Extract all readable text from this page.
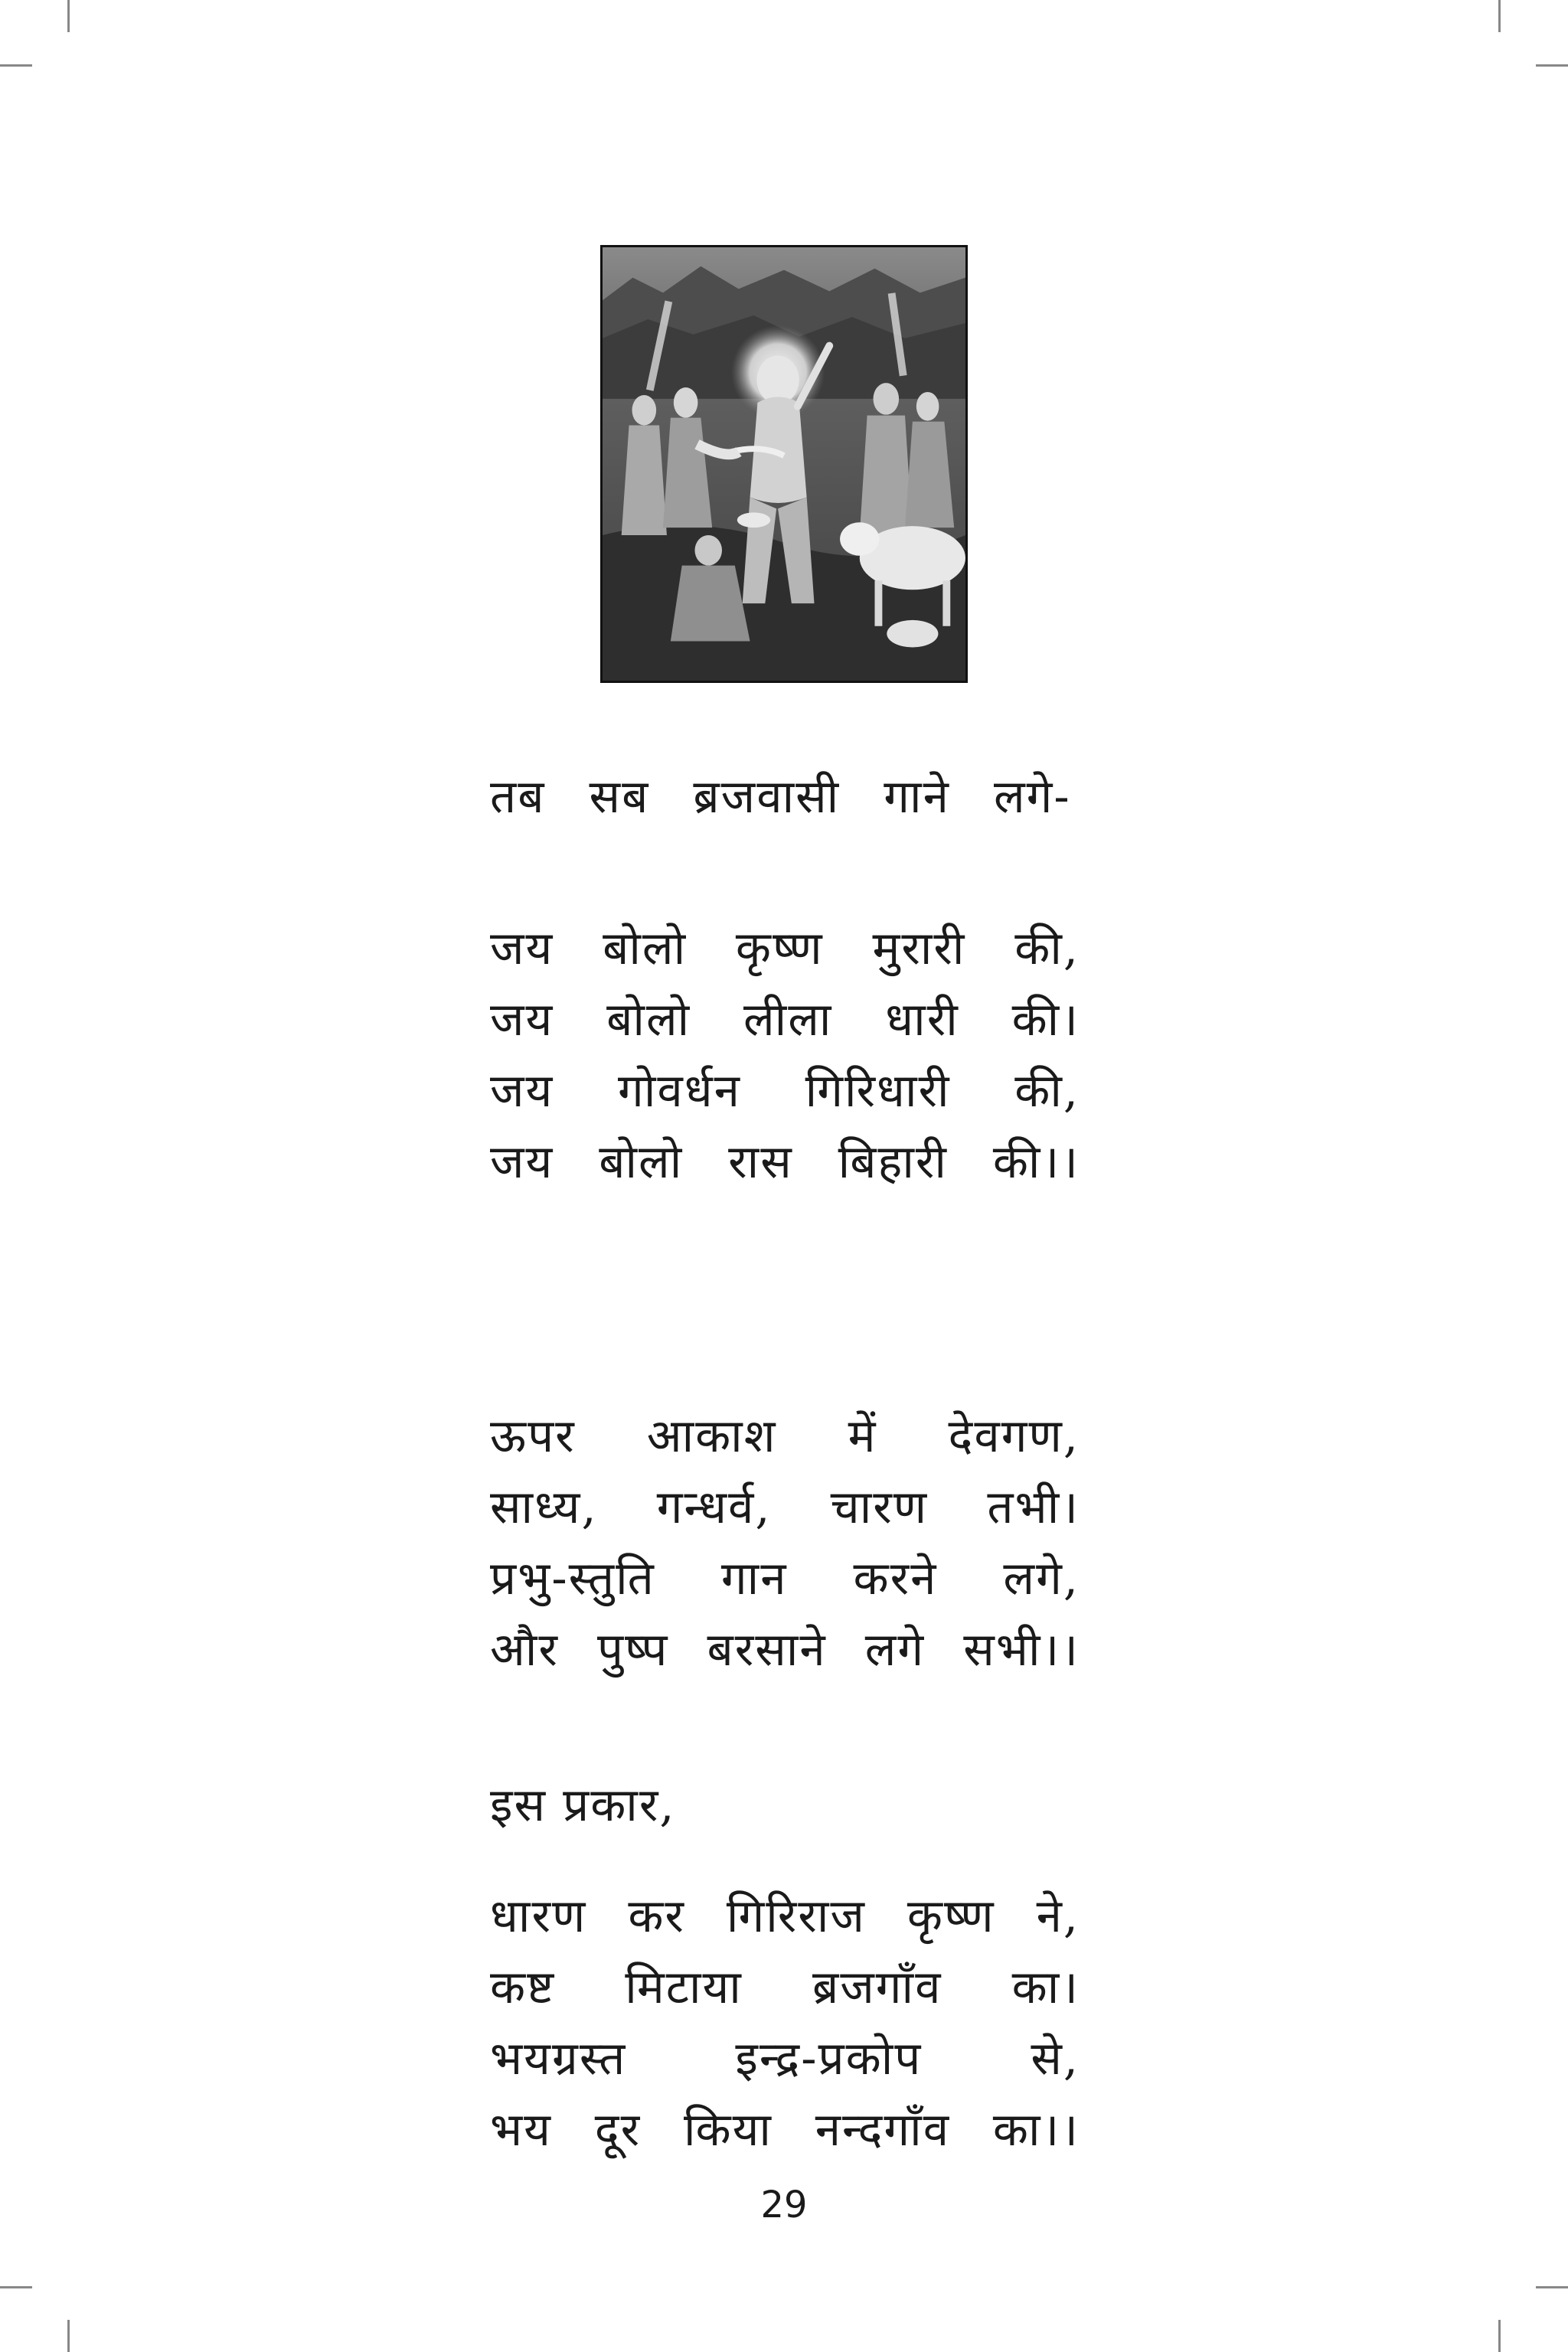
तब सब ब्रजवासी गाने लगे-
जय बोलो कृष्ण मुरारी की,
जय बोलो लीला धारी की।
जय गोवर्धन गिरिधारी की,
जय बोलो रास बिहारी की।।
ऊपर आकाश में देवगण,
साध्य, गन्धर्व, चारण तभी।
प्रभु-स्तुति गान करने लगे,
और पुष्प बरसाने लगे सभी।।
इस प्रकार,
धारण कर गिरिराज कृष्ण ने,
कष्ट मिटाया ब्रजगाँव का।
भयग्रस्त इन्द्र-प्रकोप से,
भय दूर किया नन्दगाँव का।।
29
